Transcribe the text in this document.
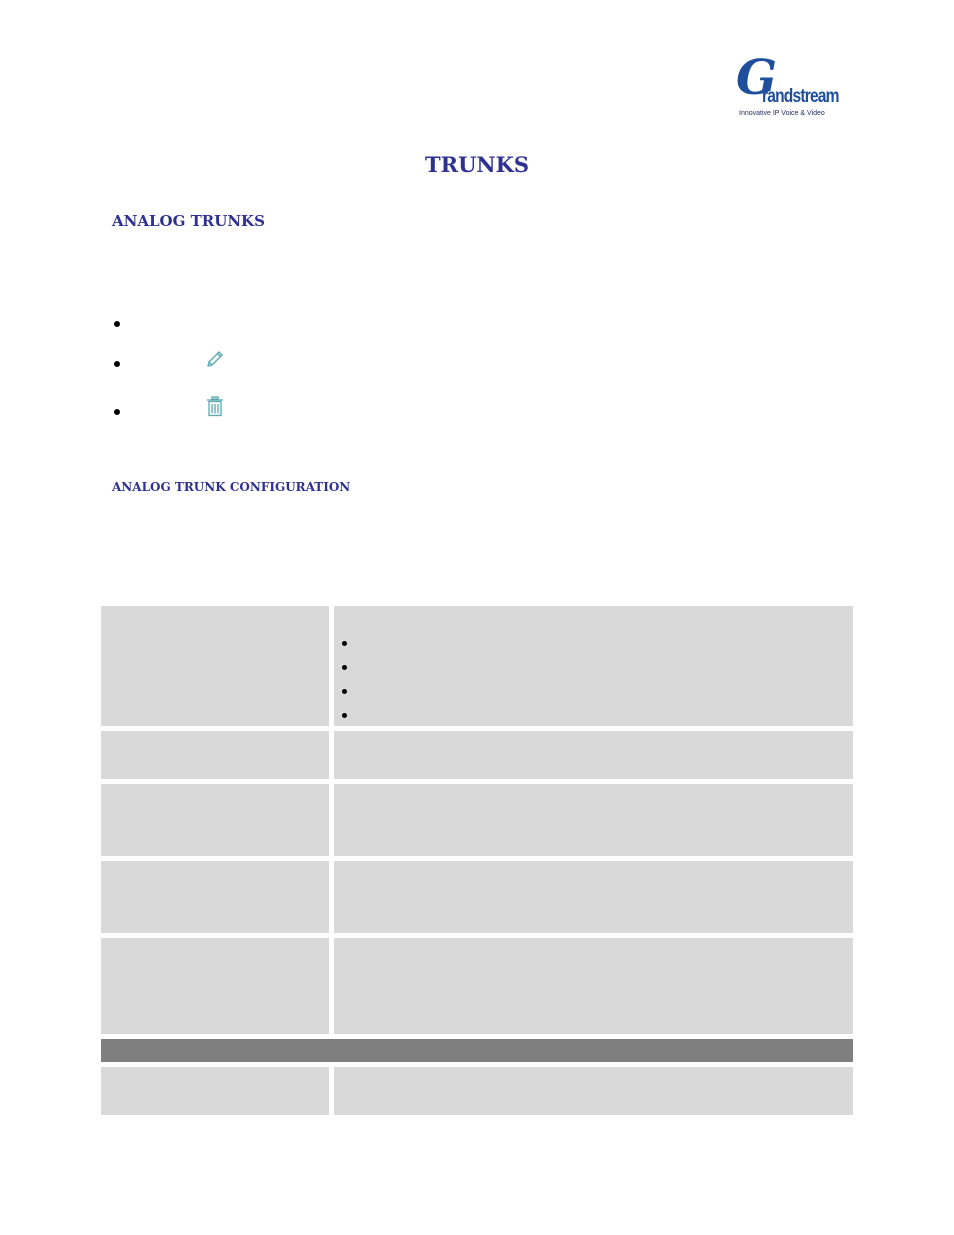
G
randstream
Innovative IP Voice & Video
TRUNKS
ANALOG TRUNKS
ANALOG TRUNK CONFIGURATION
